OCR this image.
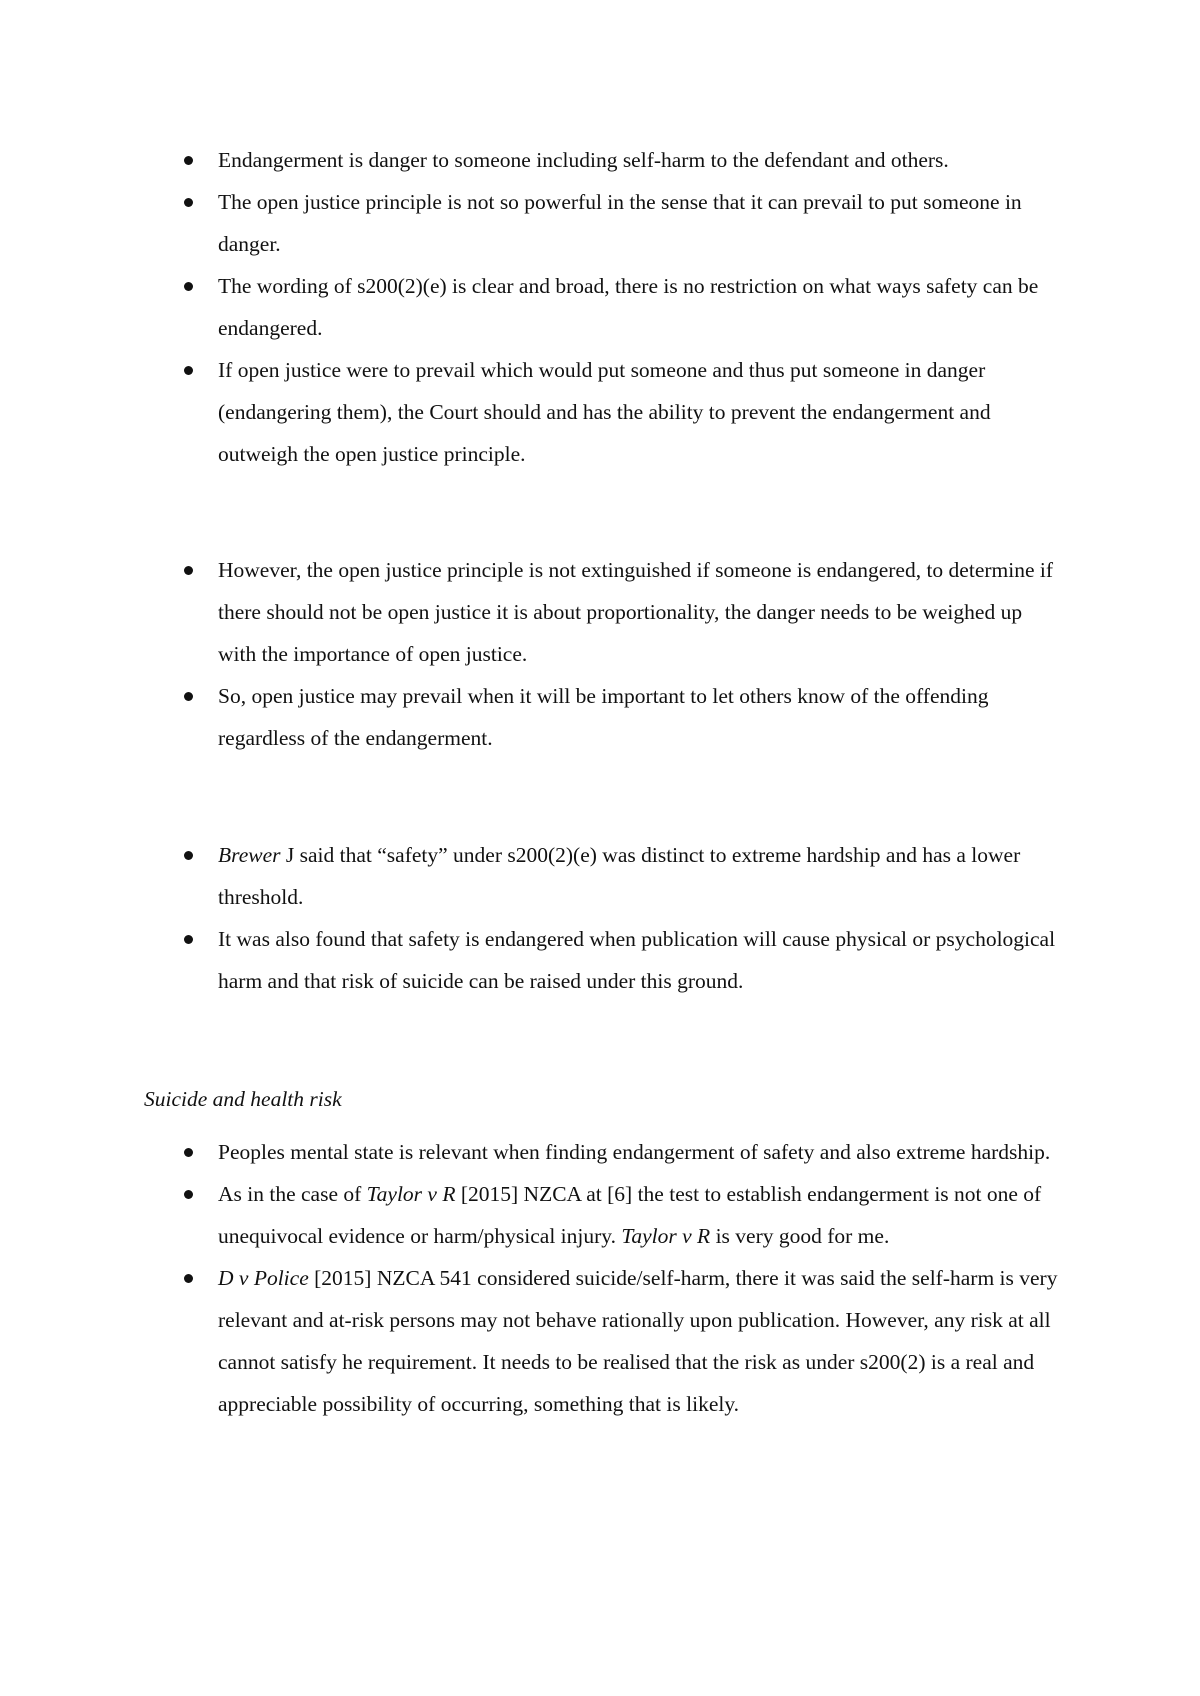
Endangerment is danger to someone including self-harm to the defendant and others.
The open justice principle is not so powerful in the sense that it can prevail to put someone in danger.
The wording of s200(2)(e) is clear and broad, there is no restriction on what ways safety can be endangered.
If open justice were to prevail which would put someone and thus put someone in danger (endangering them), the Court should and has the ability to prevent the endangerment and outweigh the open justice principle.
However, the open justice principle is not extinguished if someone is endangered, to determine if there should not be open justice it is about proportionality, the danger needs to be weighed up with the importance of open justice.
So, open justice may prevail when it will be important to let others know of the offending regardless of the endangerment.
Brewer J said that “safety” under s200(2)(e) was distinct to extreme hardship and has a lower threshold.
It was also found that safety is endangered when publication will cause physical or psychological harm and that risk of suicide can be raised under this ground.
Suicide and health risk
Peoples mental state is relevant when finding endangerment of safety and also extreme hardship.
As in the case of Taylor v R [2015] NZCA at [6] the test to establish endangerment is not one of unequivocal evidence or harm/physical injury. Taylor v R is very good for me.
D v Police [2015] NZCA 541 considered suicide/self-harm, there it was said the self-harm is very relevant and at-risk persons may not behave rationally upon publication. However, any risk at all cannot satisfy he requirement. It needs to be realised that the risk as under s200(2) is a real and appreciable possibility of occurring, something that is likely.
